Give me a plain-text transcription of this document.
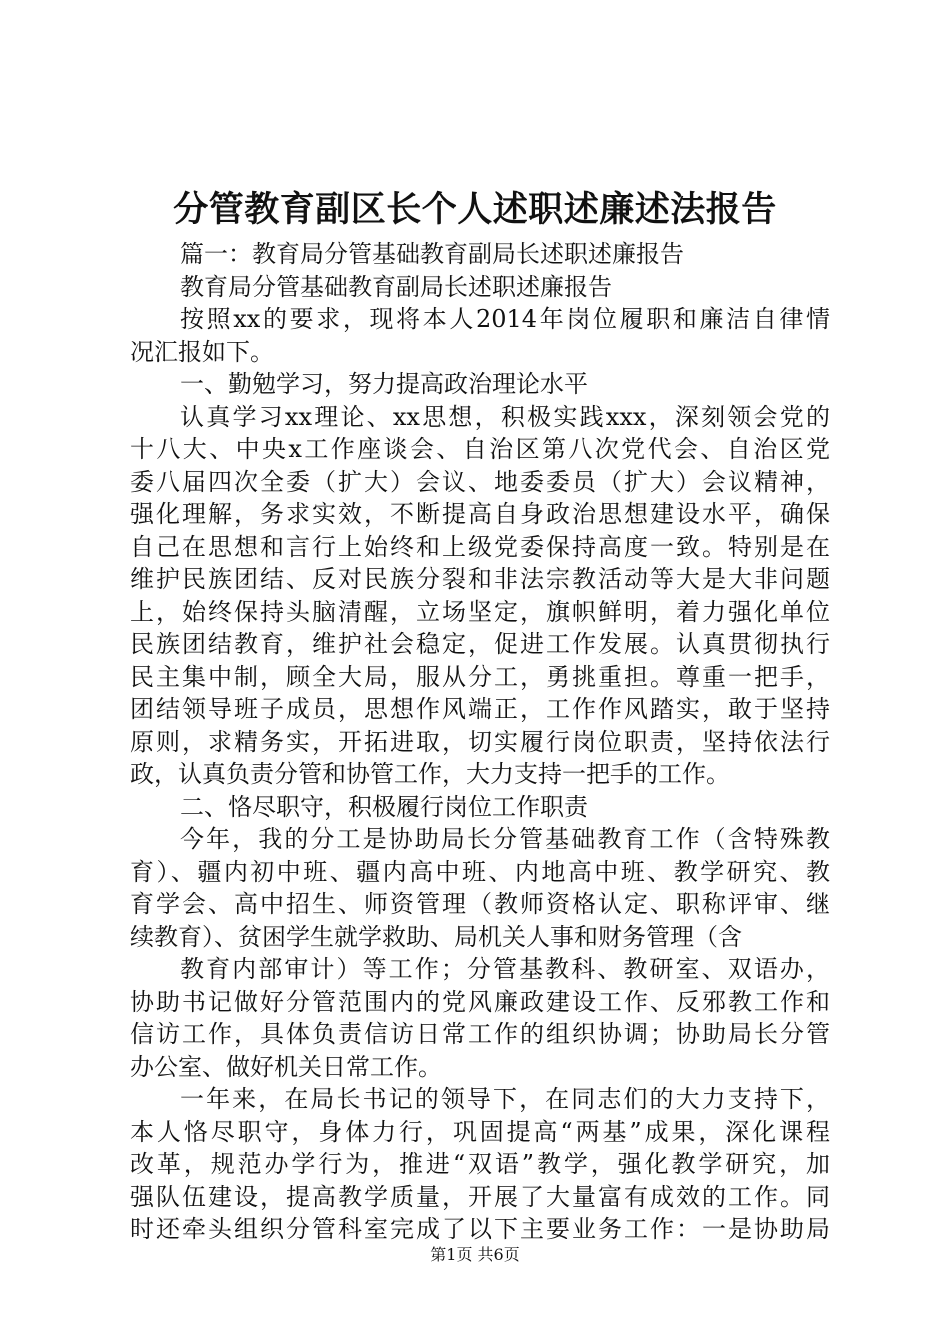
分管教育副区长个人述职述廉述法报告
篇一：教育局分管基础教育副局长述职述廉报告
教育局分管基础教育副局长述职述廉报告
按照xx的要求，现将本人2014年岗位履职和廉洁自律情
况汇报如下。
一、勤勉学习，努力提高政治理论水平
认真学习xx理论、xx思想，积极实践xxx，深刻领会党的
十八大、中央x工作座谈会、自治区第八次党代会、自治区党
委八届四次全委（扩大）会议、地委委员（扩大）会议精神，
强化理解，务求实效，不断提高自身政治思想建设水平，确保
自己在思想和言行上始终和上级党委保持高度一致。特别是在
维护民族团结、反对民族分裂和非法宗教活动等大是大非问题
上，始终保持头脑清醒，立场坚定，旗帜鲜明，着力强化单位
民族团结教育，维护社会稳定，促进工作发展。认真贯彻执行
民主集中制，顾全大局，服从分工，勇挑重担。尊重一把手，
团结领导班子成员，思想作风端正，工作作风踏实，敢于坚持
原则，求精务实，开拓进取，切实履行岗位职责，坚持依法行
政，认真负责分管和协管工作，大力支持一把手的工作。
二、恪尽职守，积极履行岗位工作职责
今年，我的分工是协助局长分管基础教育工作（含特殊教
育）、疆内初中班、疆内高中班、内地高中班、教学研究、教
育学会、高中招生、师资管理（教师资格认定、职称评审、继
续教育）、贫困学生就学救助、局机关人事和财务管理（含
教育内部审计）等工作；分管基教科、教研室、双语办，
协助书记做好分管范围内的党风廉政建设工作、反邪教工作和
信访工作，具体负责信访日常工作的组织协调；协助局长分管
办公室、做好机关日常工作。
一年来，在局长书记的领导下，在同志们的大力支持下，
本人恪尽职守，身体力行，巩固提高“两基”成果，深化课程
改革，规范办学行为，推进“双语”教学，强化教学研究，加
强队伍建设，提高教学质量，开展了大量富有成效的工作。同
时还牵头组织分管科室完成了以下主要业务工作：一是协助局
第1页 共6页
